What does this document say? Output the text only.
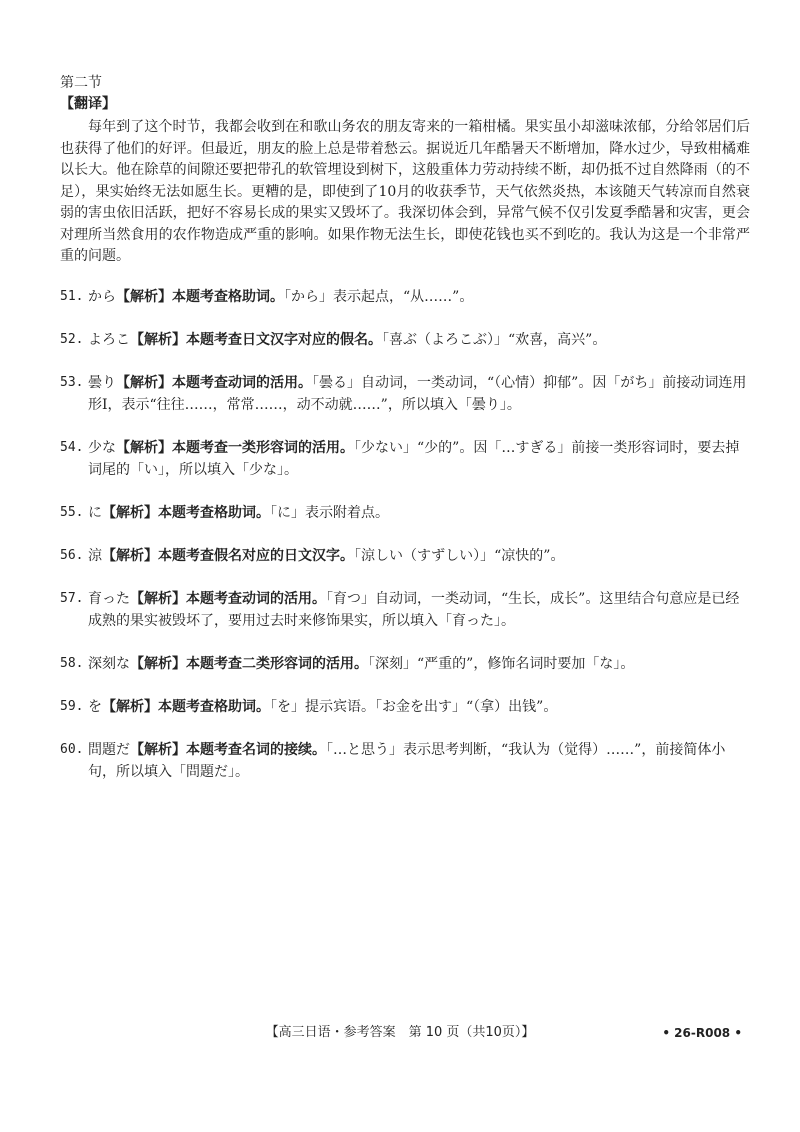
第二节
【翻译】

每年到了这个时节，我都会收到在和歌山务农的朋友寄来的一箱柑橘。果实虽小却滋味浓郁，分给邻居们后也获得了他们的好评。但最近，朋友的脸上总是带着愁云。据说近几年酷暑天不断增加，降水过少，导致柑橘难以长大。他在除草的间隙还要把带孔的软管埋设到树下，这般重体力劳动持续不断，却仍抵不过自然降雨（的不足），果实始终无法如愿生长。更糟的是，即使到了10月的收获季节，天气依然炎热，本该随天气转凉而自然衰弱的害虫依旧活跃，把好不容易长成的果实又毁坏了。我深切体会到，异常气候不仅引发夏季酷暑和灾害，更会对理所当然食用的农作物造成严重的影响。如果作物无法生长，即使花钱也买不到吃的。我认为这是一个非常严重的问题。

51. から【解析】本题考查格助词。「から」表示起点，“从……”。
52. よろこ【解析】本题考查日文汉字对应的假名。「喜ぶ（よろこぶ）」“欢喜，高兴”。
53. 曇り【解析】本题考查动词的活用。「曇る」自动词，一类动词，“（心情）抑郁”。因「がち」前接动词连用形Ⅰ，表示“往往……，常常……，动不动就……”，所以填入「曇り」。
54. 少な【解析】本题考查一类形容词的活用。「少ない」“少的”。因「…すぎる」前接一类形容词时，要去掉词尾的「い」，所以填入「少な」。
55. に【解析】本题考查格助词。「に」表示附着点。
56. 涼【解析】本题考查假名对应的日文汉字。「涼しい（すずしい）」“凉快的”。
57. 育った【解析】本题考查动词的活用。「育つ」自动词，一类动词，“生长，成长”。这里结合句意应是已经成熟的果实被毁坏了，要用过去时来修饰果实，所以填入「育った」。
58. 深刻な【解析】本题考查二类形容词的活用。「深刻」“严重的”，修饰名词时要加「な」。
59. を【解析】本题考查格助词。「を」提示宾语。「お金を出す」“（拿）出钱”。
60. 問題だ【解析】本题考查名词的接续。「…と思う」表示思考判断，“我认为（觉得）……”，前接简体小句，所以填入「問題だ」。
【高三日语・参考答案　第 10 页（共10页）】	• 26-R008 •
